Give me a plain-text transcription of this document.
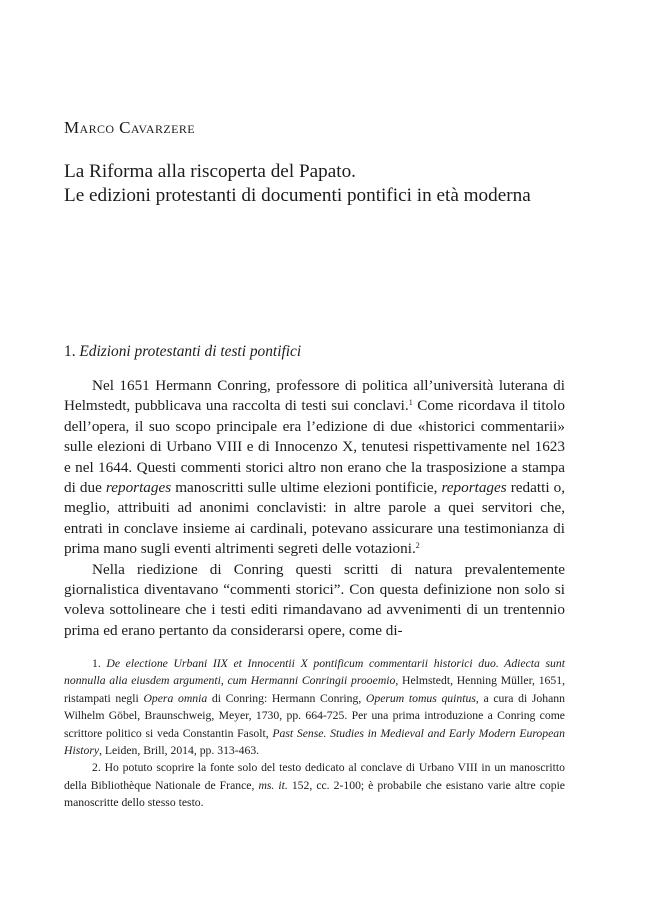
Marco Cavarzere
La Riforma alla riscoperta del Papato.
Le edizioni protestanti di documenti pontifici in età moderna
1. Edizioni protestanti di testi pontifici

Nel 1651 Hermann Conring, professore di politica all’università luterana di Helmstedt, pubblicava una raccolta di testi sui conclavi.$^1$ Come ricordava il titolo dell’opera, il suo scopo principale era l’edizione di due «historici commentarii» sulle elezioni di Urbano VIII e di Innocenzo X, tenutesi rispettivamente nel 1623 e nel 1644. Questi commenti storici altro non erano che la trasposizione a stampa di due reportages manoscritti sulle ultime elezioni pontificie, reportages redatti o, meglio, attribuiti ad anonimi conclavisti: in altre parole a quei servitori che, entrati in conclave insieme ai cardinali, potevano assicurare una testimonianza di prima mano sugli eventi altrimenti segreti delle votazioni.$^2$

Nella riedizione di Conring questi scritti di natura prevalentemente giornalistica diventavano “commenti storici”. Con questa definizione non solo si voleva sottolineare che i testi editi rimandavano ad avvenimenti di un trentennio prima ed erano pertanto da considerarsi opere, come di-

1. De electione Urbani IIX et Innocentii X pontificum commentarii historici duo. Adiecta sunt nonnulla alia eiusdem argumenti, cum Hermanni Conringii prooemio, Helmstedt, Henning Müller, 1651, ristampati negli Opera omnia di Conring: Hermann Conring, Operum tomus quintus, a cura di Johann Wilhelm Göbel, Braunschweig, Meyer, 1730, pp. 664-725. Per una prima introduzione a Conring come scrittore politico si veda Constantin Fasolt, Past Sense. Studies in Medieval and Early Modern European History, Leiden, Brill, 2014, pp. 313-463.

2. Ho potuto scoprire la fonte solo del testo dedicato al conclave di Urbano VIII in un manoscritto della Bibliothèque Nationale de France, ms. it. 152, cc. 2-100; è probabile che esistano varie altre copie manoscritte dello stesso testo.
